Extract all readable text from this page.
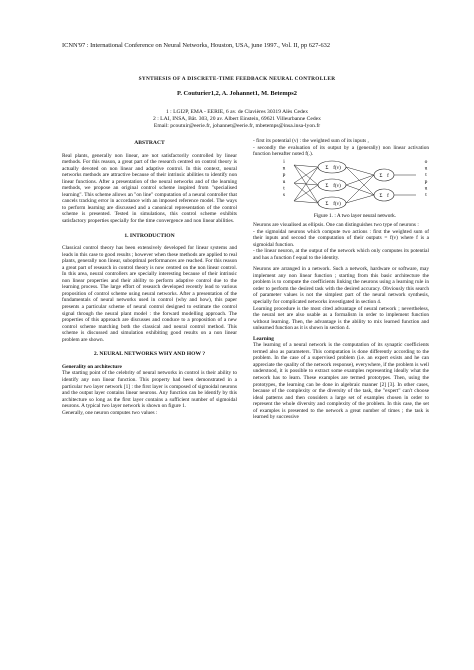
ICNN'97 : International Conference on Neural Networks, Houston, USA, june 1997., Vol. II, pp 627-632
SYNTHESIS OF A DISCRETE-TIME FEEDBACK NEURAL CONTROLLER
P. Couturier1,2, A. Johannet1, M. Betemps2
1 : LGI2P, EMA - EERIE, 6 av. de Clavières 30319 Alès Cedex
2 : LAI, INSA, Bât. 303, 20 av. Albert Einstein, 69621 Villeurbanne Cedex
Email: pcoutuir@eerie.fr, johannet@eerie.fr, mbetemps@insa.insa-lyon.fr

ABSTRACT

Real plants, generally non linear, are not satisfactorily controlled by linear methods. For this reason, a great part of the research centred on control theory is actually devoted on non linear and adaptive control. In this context, neural networks methods are attractive because of their intrinsic abilities to identify non linear functions. After a presentation of the neural networks and of the learning methods, we propose an original control scheme inspired from "specialised learning". This scheme allows an "on line" computation of a neural controller that cancels tracking error in accordance with an imposed reference model. The ways to perform learning are discussed and a canonical representation of the control scheme is presented. Tested in simulations, this control scheme exhibits satisfactory properties specially for the time convergence and non linear abilities.

1. INTRODUCTION

Classical control theory has been extensively developed for linear systems and leads in this case to good results ; however when these methods are applied to real plants, generally non linear, suboptimal performances are reached. For this reason a great part of research in control theory is now centred on the non linear control. In this area, neural controllers are specially interesting because of their intrinsic non linear properties and their ability to perform adaptive control due to the learning process. The large effort of research developed recently lead to various proposition of control scheme using neural networks. After a presentation of the fundamentals of neural networks used in control (why and how), this paper presents a particular scheme of neural control designed to estimate the control signal through the neural plant model : the forward modelling approach. The properties of this approach are discusses and conduce to a proposition of a new control scheme matching both the classical and neural control method. This scheme is discussed and simulation exhibiting good results on a non linear problem are shown.

2. NEURAL NETWORKS WHY AND HOW ?

Generality on architecture

The starting point of the celebrity of neural networks in control is their ability to identify any non linear function. This property had been demonstrated in a particular two layer network [1] : the first layer is composed of sigmoidal neurons and the output layer contains linear neurons. Any function can be identify by this architecture so long as the first layer contains a sufficient number of sigmoidal neurons. A typical two layer network is shown on figure 1.

Generally, one neuron computes two values :

- first its potential (v) : the weighted sum of its inputs ,

- secondly the evaluation of its output by a (generally) non linear activation function hereafter noted f(.).

i n p u t s
o u t p u t
Σ f(v)
Σ f(v)
Σ f(v)
Σ f
Σ f
Figure 1. : A two layer neural network.

Neurons are visualised as ellipsis. One can distinguishes two type of neurons :

- the sigmoidal neurons which compute two actions : first the weighted sum of their inputs and second the computation of their outputs = f(v) where f is a sigmoidal function.

- the linear neuron, at the output of the network which only computes its potential and has a function f equal to the identity.

Neurons are arranged in a network. Such a network, hardware or software, may implement any non linear function ; starting from this basic architecture the problem is to compute the coefficients linking the neurons using a learning rule in order to perform the desired task with the desired accuracy. Obviously this search of parameter values is not the simplest part of the neural network synthesis, specially for complicated networks investigated in section 4.

Learning procedure is the most cited advantage of neural network ; nevertheless, the neural net are also usable as a formalism in order to implement function without learning. Then, the advantage is the ability to mix learned function and unlearned function as it is shown in section 4.

Learning

The learning of a neural network is the computation of its synaptic coefficients termed also as parameters. This computation is done differently according to the problem. In the case of a supervised problem (i.e. an expert exists and he can appreciate the quality of the network response), everywhere, if the problem is well understood, it is possible to extract some examples representing ideally what the network has to learn. These examples are termed prototypes. Then, using the prototypes, the learning can be done in algebraic manner [2] [3]. In other cases, because of the complexity or the diversity of the task, the "expert" can't choose ideal patterns and then considers a large set of examples chosen in order to represent the whole diversity and complexity of the problem. In this case, the set of examples is presented to the network a great number of times ; the task is learned by successive
